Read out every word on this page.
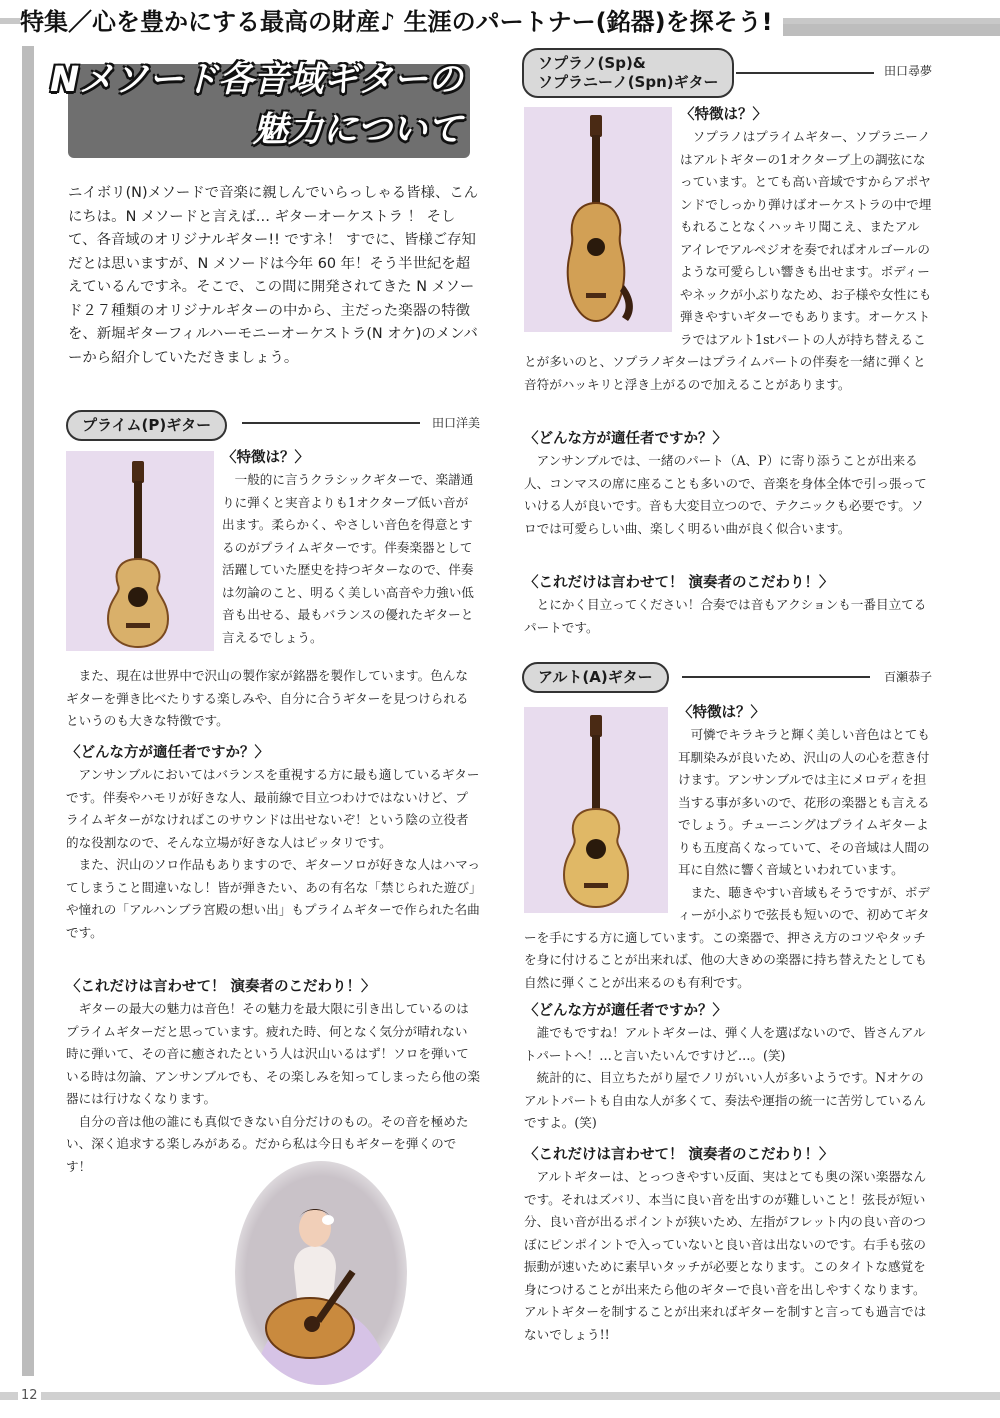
特集／心を豊かにする最高の財産♪ 生涯のパートナー(銘器)を探そう!
Nメソード各音域ギターの
魅力について
ニイボリ(N)メソードで音楽に親しんでいらっしゃる皆様、こんにちは。N メソードと言えば… ギターオーケストラ ！ そして、各音域のオリジナルギター!! ですネ！ すでに、皆様ご存知だとは思いますが、N メソードは今年 60 年！そう半世紀を超えているんですネ。そこで、この間に開発されてきた N メソード２７種類のオリジナルギターの中から、主だった楽器の特徴を、新堀ギターフィルハーモニーオーケストラ(N オケ)のメンバーから紹介していただきましょう。
プライム(P)ギター	田口洋美
〈特徴は？〉

一般的に言うクラシックギターで、楽譜通りに弾くと実音よりも1オクターブ低い音が出ます。柔らかく、やさしい音色を得意とするのがプライムギターです。伴奏楽器として活躍していた歴史を持つギターなので、伴奏は勿論のこと、明るく美しい高音や力強い低音も出せる、最もバランスの優れたギターと言えるでしょう。

また、現在は世界中で沢山の製作家が銘器を製作しています。色んなギターを弾き比べたりする楽しみや、自分に合うギターを見つけられるというのも大きな特徴です。

〈どんな方が適任者ですか？〉

アンサンブルにおいてはバランスを重視する方に最も適しているギターです。伴奏やハモリが好きな人、最前線で目立つわけではないけど、プライムギターがなければこのサウンドは出せないぞ！という陰の立役者的な役割なので、そんな立場が好きな人はピッタリです。

また、沢山のソロ作品もありますので、ギターソロが好きな人はハマってしまうこと間違いなし！皆が弾きたい、あの有名な「禁じられた遊び」や憧れの「アルハンブラ宮殿の想い出」もプライムギターで作られた名曲です。

〈これだけは言わせて！ 演奏者のこだわり！〉

ギターの最大の魅力は音色！その魅力を最大限に引き出しているのはプライムギターだと思っています。疲れた時、何となく気分が晴れない時に弾いて、その音に癒されたという人は沢山いるはず！ソロを弾いている時は勿論、アンサンブルでも、その楽しみを知ってしまったら他の楽器には行けなくなります。

自分の音は他の誰にも真似できない自分だけのもの。その音を極めたい、深く追求する楽しみがある。だから私は今日もギターを弾くのです！

ソプラノ(Sp)&
ソプラニーノ(Spn)ギター
田口尋夢
〈特徴は？〉

ソプラノはプライムギター、ソプラニーノはアルトギターの1オクターブ上の調弦になっています。とても高い音域ですからアポヤンドでしっかり弾けばオーケストラの中で埋もれることなくハッキリ聞こえ、またアルアイレでアルペジオを奏でればオルゴールのような可愛らしい響きも出せます。ボディーやネックが小ぶりなため、お子様や女性にも弾きやすいギターでもあります。オーケストラではアルト1stパートの人が持ち替えることが多いのと、ソプラノギターはプライムパートの伴奏を一緒に弾くと音符がハッキリと浮き上がるので加えることがあります。

〈どんな方が適任者ですか？〉

アンサンブルでは、一緒のパート（A、P）に寄り添うことが出来る人、コンマスの席に座ることも多いので、音楽を身体全体で引っ張っていける人が良いです。音も大変目立つので、テクニックも必要です。ソロでは可愛らしい曲、楽しく明るい曲が良く似合います。

〈これだけは言わせて！ 演奏者のこだわり！〉

とにかく目立ってください！合奏では音もアクションも一番目立てるパートです。

アルト(A)ギター	百瀬恭子
〈特徴は？〉

可憐でキラキラと輝く美しい音色はとても耳馴染みが良いため、沢山の人の心を惹き付けます。アンサンブルでは主にメロディを担当する事が多いので、花形の楽器とも言えるでしょう。チューニングはプライムギターよりも五度高くなっていて、その音域は人間の耳に自然に響く音域といわれています。

また、聴きやすい音域もそうですが、ボディーが小ぶりで弦長も短いので、初めてギターを手にする方に適しています。この楽器で、押さえ方のコツやタッチを身に付けることが出来れば、他の大きめの楽器に持ち替えたとしても自然に弾くことが出来るのも有利です。

〈どんな方が適任者ですか？〉

誰でもですね！アルトギターは、弾く人を選ばないので、皆さんアルトパートへ！…と言いたいんですけど…。(笑)

統計的に、目立ちたがり屋でノリがいい人が多いようです。Nオケのアルトパートも自由な人が多くて、奏法や運指の統一に苦労しているんですよ。(笑)

〈これだけは言わせて！ 演奏者のこだわり！〉

アルトギターは、とっつきやすい反面、実はとても奥の深い楽器なんです。それはズバリ、本当に良い音を出すのが難しいこと！弦長が短い分、良い音が出るポイントが狭いため、左指がフレット内の良い音のつぼにピンポイントで入っていないと良い音は出ないのです。右手も弦の振動が速いために素早いタッチが必要となります。このタイトな感覚を身につけることが出来たら他のギターで良い音を出しやすくなります。アルトギターを制することが出来ればギターを制すと言っても過言ではないでしょう!!

12
